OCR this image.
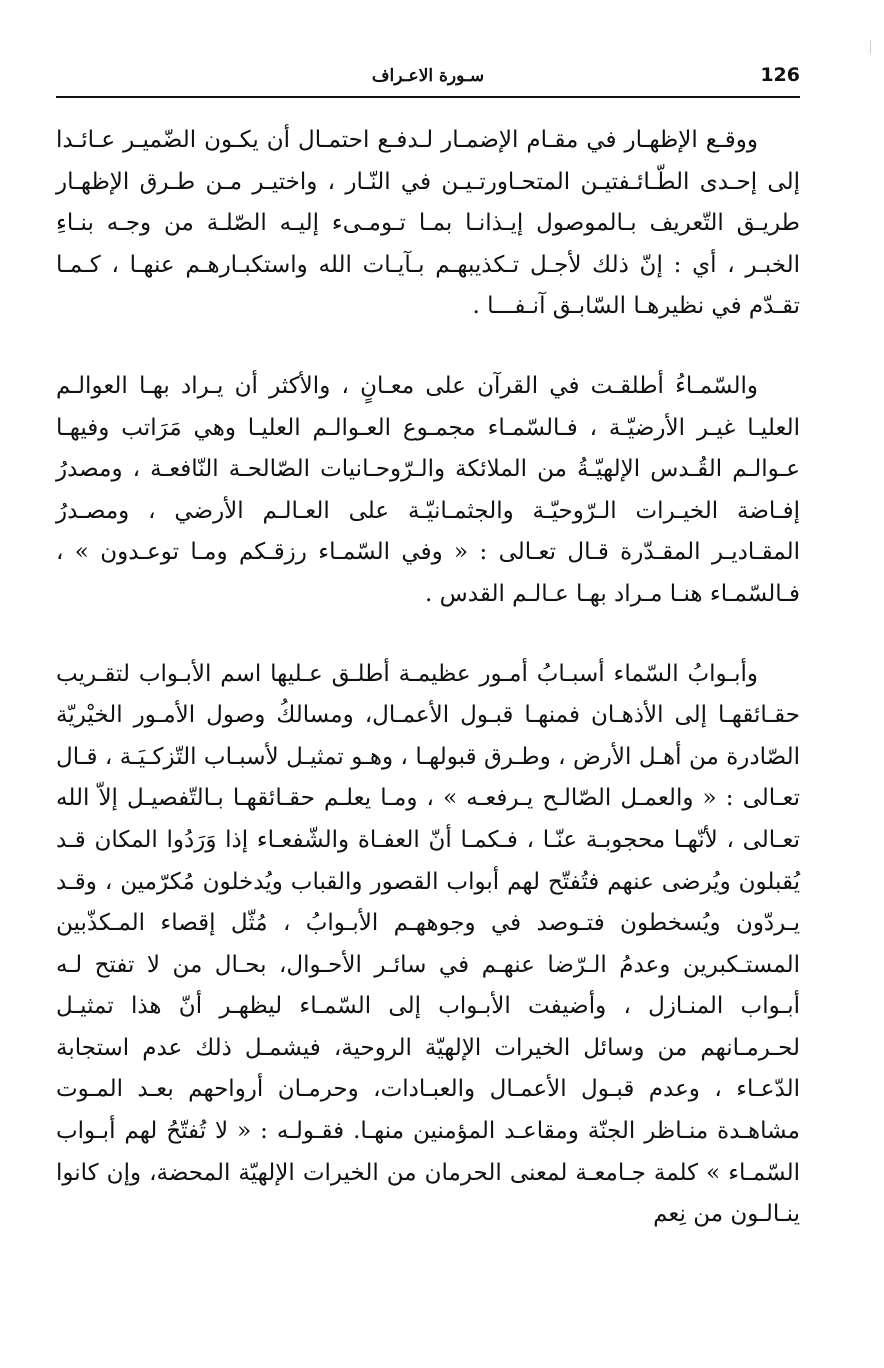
126
سـورة الاعـراف

ووقـع الإظهـار في مقـام الإضمـار لـدفـع احتمـال أن يكـون الضّميـر عـائـدا إلى إحـدى الطّـائـفتيـن المتحـاورتـيـن في النّـار ، واختيـر مـن طـرق الإظهـار طريـق التّعريف بـالموصول إيـذانـا بمـا تـومـىء إليـه الصّلـة من وجـه بنـاءِ الخبـر ، أي : إنّ ذلك لأجـل تـكذيبهـم بـآيـات الله واستكبـارهـم عنهـا ، كـمـا تقـدّم في نظيرهـا السّابـق آنـفـــا .

والسّمـاءُ أطلقـت في القرآن على معـانٍ ، والأكثر أن يـراد بهـا العوالـم العليـا غيـر الأرضيّـة ، فـالسّمـاء مجمـوع العـوالـم العليـا وهي مَرَاتب وفيهـا عـوالـم القُـدس الإلهيّـةُ من الملائكة والـرّوحـانيات الصّالحـة النّافعـة ، ومصدرُ إفـاضة الخيـرات الـرّوحيّـة والجثمـانيّـة على العـالـم الأرضي ، ومصـدرُ المقـاديـر المقـدّرة قـال تعـالى : « وفي السّمـاء رزقـكم ومـا توعـدون » ، فـالسّمـاء هنـا مـراد بهـا عـالـم القدس .

وأبـوابُ السّماء أسبـابُ أمـور عظيمـة أطلـق عـليها اسم الأبـواب لتقـريب حقـائقهـا إلى الأذهـان فمنهـا قبـول الأعمـال، ومسالكُ وصول الأمـور الخيْريّة الصّادرة من أهـل الأرض ، وطـرق قبولهـا ، وهـو تمثيـل لأسبـاب التّزكـيَـة ، قـال تعـالى : « والعمـل الصّالـح يـرفعـه » ، ومـا يعلـم حقـائقهـا بـالتّفصيـل إلاّ الله تعـالى ، لأنّهـا محجوبـة عنّـا ، فـكمـا أنّ العفـاة والشّفعـاء إذا وَرَدُوا المكان قـد يُقبلون ويُرضى عنهم فتُفتّح لهم أبواب القصور والقباب ويُدخلون مُكرّمين ، وقـد يـردّون ويُسخطون فتـوصد في وجوههـم الأبـوابُ ، مُثّل إقصاء المـكذّبين المستـكبرين وعدمُ الـرّضا عنهـم في سائـر الأحـوال، بحـال من لا تفتح لـه أبـواب المنـازل ، وأضيفت الأبـواب إلى السّمـاء ليظهـر أنّ هذا تمثيـل لحـرمـانهم من وسائل الخيرات الإلهيّة الروحية، فيشمـل ذلك عدم استجابة الدّعـاء ، وعدم قبـول الأعمـال والعبـادات، وحرمـان أرواحهم بعـد المـوت مشاهـدة منـاظر الجنّة ومقاعـد المؤمنين منهـا. فقـولـه : « لا تُفتّحُ لهم أبـواب السّمـاء » كلمة جـامعـة لمعنى الحرمان من الخيرات الإلهيّة المحضة، وإن كانوا ينـالـون من نِعم
